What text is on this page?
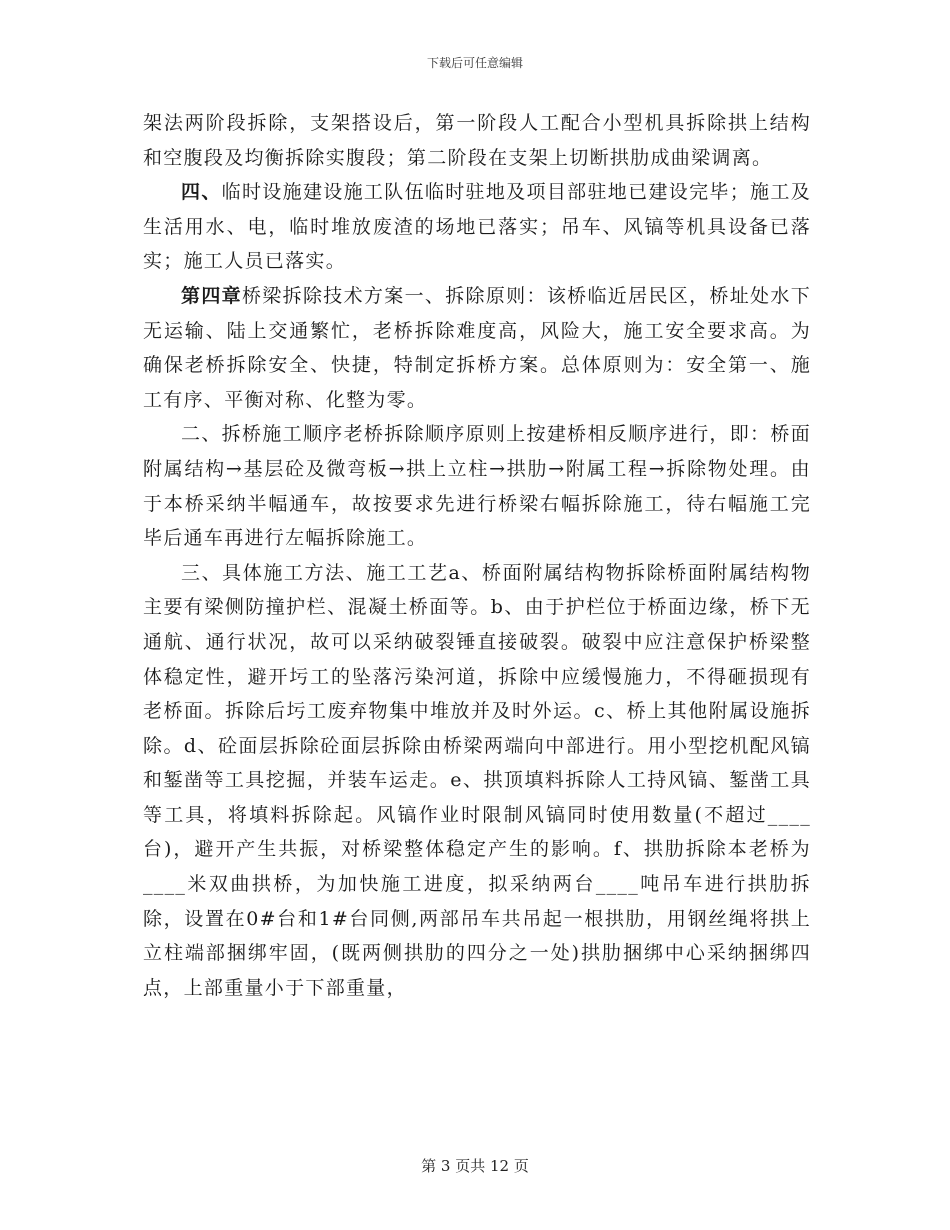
下载后可任意编辑

架法两阶段拆除，支架搭设后，第一阶段人工配合小型机具拆除拱上结构和空腹段及均衡拆除实腹段；第二阶段在支架上切断拱肋成曲梁调离。

四、临时设施建设施工队伍临时驻地及项目部驻地已建设完毕；施工及生活用水、电，临时堆放废渣的场地已落实；吊车、风镐等机具设备已落实；施工人员已落实。

第四章桥梁拆除技术方案一、拆除原则：该桥临近居民区，桥址处水下无运输、陆上交通繁忙，老桥拆除难度高，风险大，施工安全要求高。为确保老桥拆除安全、快捷，特制定拆桥方案。总体原则为：安全第一、施工有序、平衡对称、化整为零。

二、拆桥施工顺序老桥拆除顺序原则上按建桥相反顺序进行，即：桥面附属结构→基层砼及微弯板→拱上立柱→拱肋→附属工程→拆除物处理。由于本桥采纳半幅通车，故按要求先进行桥梁右幅拆除施工，待右幅施工完毕后通车再进行左幅拆除施工。

三、具体施工方法、施工工艺a、桥面附属结构物拆除桥面附属结构物主要有梁侧防撞护栏、混凝土桥面等。b、由于护栏位于桥面边缘，桥下无通航、通行状况，故可以采纳破裂锤直接破裂。破裂中应注意保护桥梁整体稳定性，避开圬工的坠落污染河道，拆除中应缓慢施力，不得砸损现有老桥面。拆除后圬工废弃物集中堆放并及时外运。c、桥上其他附属设施拆除。d、砼面层拆除砼面层拆除由桥梁两端向中部进行。用小型挖机配风镐和錾凿等工具挖掘，并装车运走。e、拱顶填料拆除人工持风镐、錾凿工具等工具，将填料拆除起。风镐作业时限制风镐同时使用数量(不超过____台)，避开产生共振，对桥梁整体稳定产生的影响。f、拱肋拆除本老桥为____米双曲拱桥，为加快施工进度，拟采纳两台____吨吊车进行拱肋拆除，设置在0#台和1#台同侧,两部吊车共吊起一根拱肋，用钢丝绳将拱上立柱端部捆绑牢固，(既两侧拱肋的四分之一处)拱肋捆绑中心采纳捆绑四点，上部重量小于下部重量，

第 3 页共 12 页
